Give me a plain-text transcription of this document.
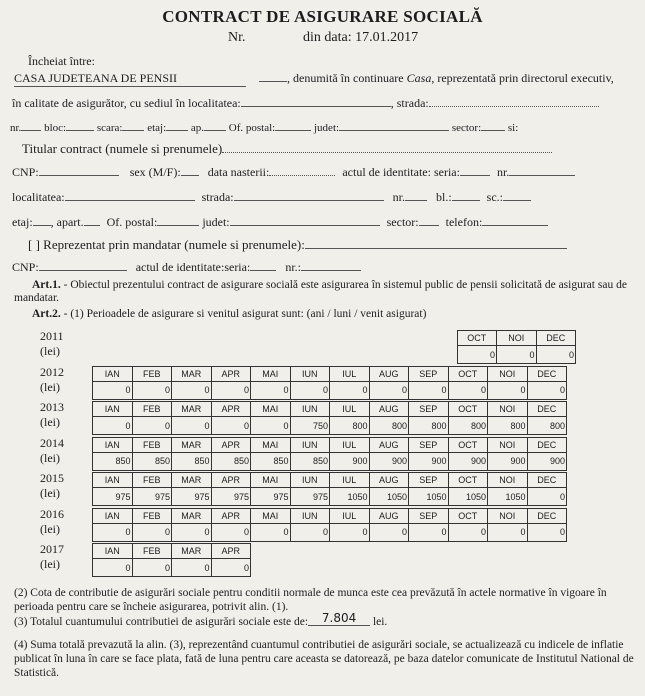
CONTRACT DE ASIGURARE SOCIALĂ
Nr.	din data: 17.01.2017
Încheiat între:
CASA JUDETEANA DE PENSII	, denumită în continuare Casa, reprezentată prin directorul executiv,
în calitate de asigurător, cu sediul în localitatea:	, strada:
nr. bloc:	scara: etaj: ap. Of. postal:	judet:	sector: si:
Titular contract (numele si prenumele)
CNP:	sex (M/F): data nasterii:	actul de identitate: seria:	nr.
localitatea:	strada:	nr.	bl.:	sc.:
etaj: , apart. Of. postal:	judet:	sector: telefon:
[ ] Reprezentat prin mandatar (numele si prenumele):
CNP:	actul de identitate:seria:	nr.:
Art.1. - Obiectul prezentului contract de asigurare socială este asigurarea în sistemul public de pensii solicitată de asigurat sau de mandatar.
Art.2. - (1) Perioadele de asigurare si venitul asigurat sunt: (ani / luni / venit asigurat)
2011
(lei)
OCT	NOI	DEC
0	0	0
2012
(lei)
IAN	FEB	MAR	APR	MAI	IUN	IUL	AUG	SEP	OCT	NOI	DEC
0	0	0	0	0	0	0	0	0	0	0	0
2013
(lei)
IAN	FEB	MAR	APR	MAI	IUN	IUL	AUG	SEP	OCT	NOI	DEC
0	0	0	0	0	750	800	800	800	800	800	800
2014
(lei)
IAN	FEB	MAR	APR	MAI	IUN	IUL	AUG	SEP	OCT	NOI	DEC
850	850	850	850	850	850	900	900	900	900	900	900
2015
(lei)
IAN	FEB	MAR	APR	MAI	IUN	IUL	AUG	SEP	OCT	NOI	DEC
975	975	975	975	975	975	1050	1050	1050	1050	1050	0
2016
(lei)
IAN	FEB	MAR	APR	MAI	IUN	IUL	AUG	SEP	OCT	NOI	DEC
0	0	0	0	0	0	0	0	0	0	0	0
2017
(lei)
IAN	FEB	MAR	APR
0	0	0	0
(2) Cota de contributie de asigurări sociale pentru conditii normale de munca este cea prevăzută în actele normative în vigoare în perioada pentru care se încheie asigurarea, potrivit alin. (1).
(3) Totalul cuantumului contributiei de asigurări sociale este de: 7.804 lei.
(4) Suma totală prevazută la alin. (3), reprezentând cuantumul contributiei de asigurări sociale, se actualizează cu indicele de inflatie publicat în luna în care se face plata, fată de luna pentru care aceasta se datorează, pe baza datelor comunicate de Institutul National de Statistică.
